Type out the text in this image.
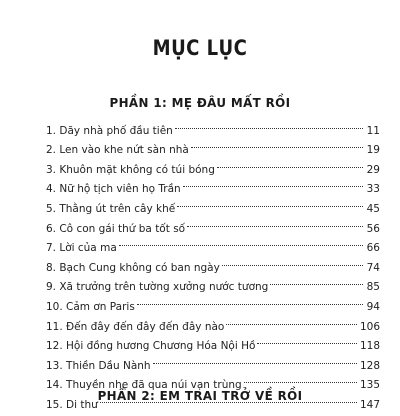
MỤC LỤC
PHẦN 1: MẸ ĐÂU MẤT RỒI
1. Dãy nhà phố đầu tiên	11
2. Len vào khe nứt sàn nhà	19
3. Khuôn mặt không có túi bóng	29
4. Nữ hộ tịch viên họ Trần	33
5. Thằng út trên cây khế	45
6. Cô con gái thứ ba tốt số	56
7. Lời của ma	66
8. Bạch Cung không có ban ngày	74
9. Xã trưởng trên tường xưởng nước tương	85
10. Cảm ơn Paris	94
11. Đến đây đến đây đến đây nào	106
12. Hội đồng hương Chương Hóa Nội Hồ	118
13. Thiền Dầu Nành	128
14. Thuyền nhẹ đã qua núi vạn trùng	135
15. Di thư	147
PHẦN 2: EM TRAI TRỞ VỀ RỒI
